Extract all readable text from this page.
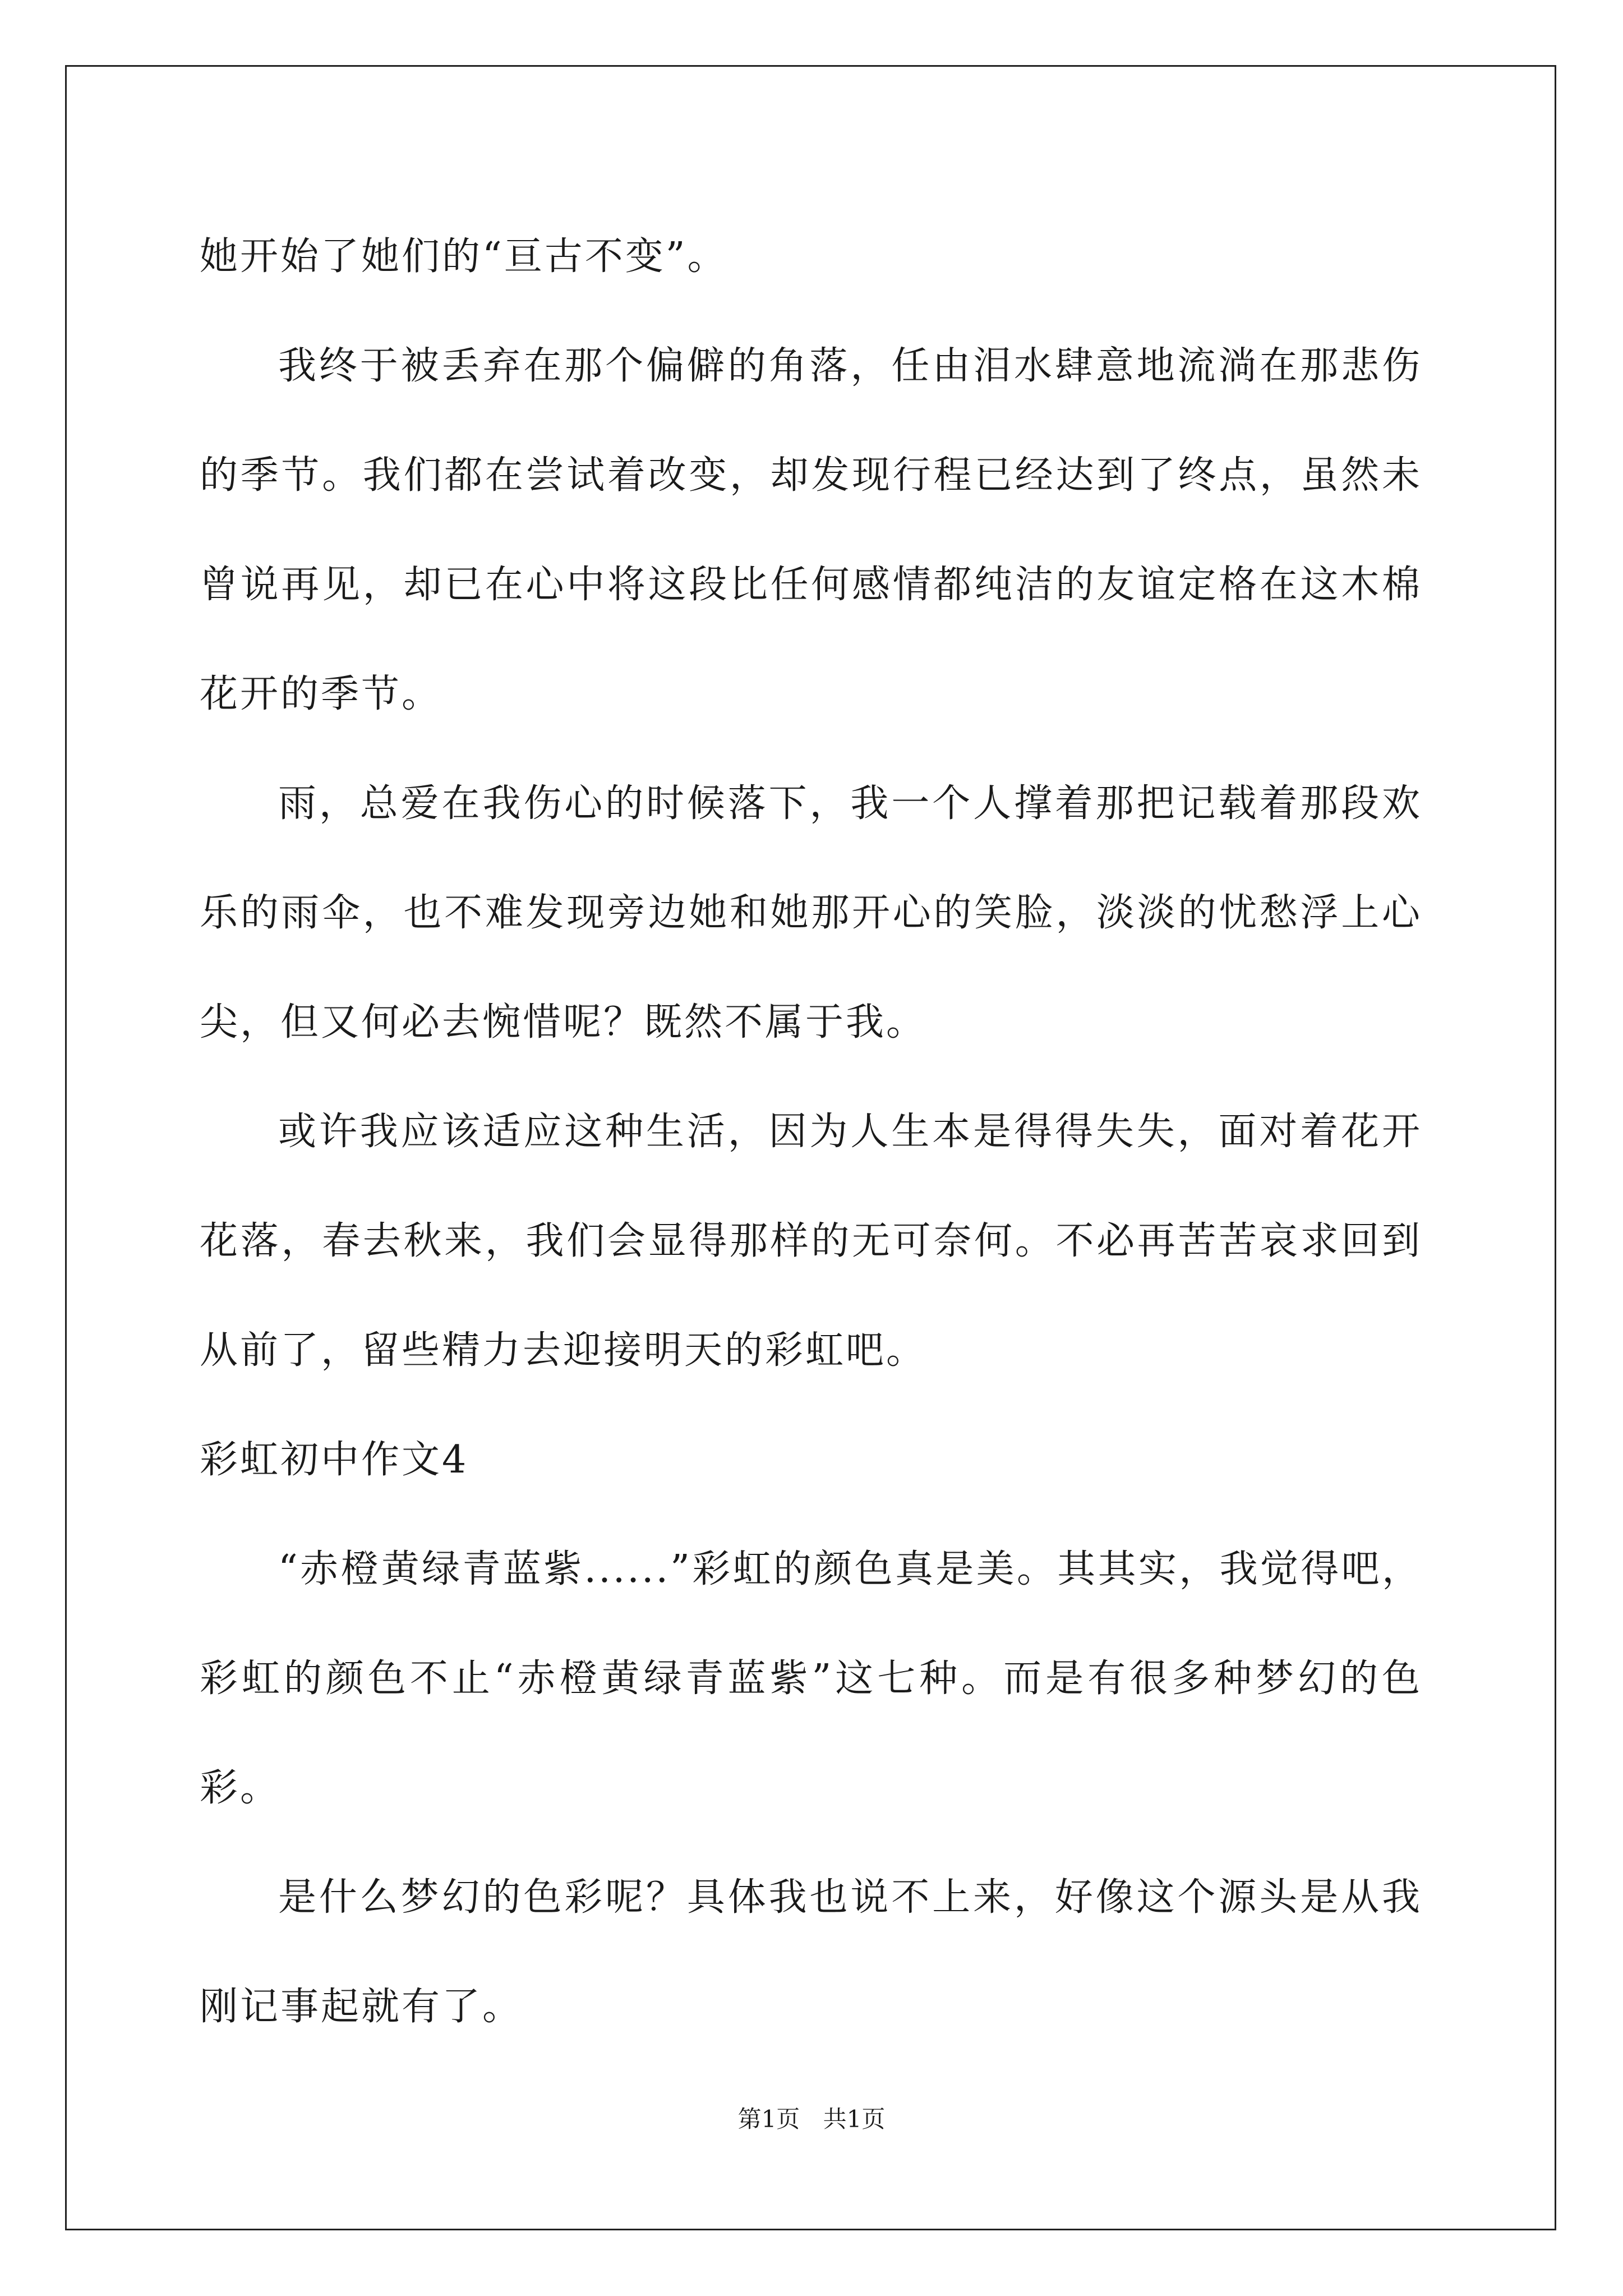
她开始了她们的“亘古不变”。

我终于被丢弃在那个偏僻的角落，任由泪水肆意地流淌在那悲伤的季节。我们都在尝试着改变，却发现行程已经达到了终点，虽然未曾说再见，却已在心中将这段比任何感情都纯洁的友谊定格在这木棉花开的季节。

雨，总爱在我伤心的时候落下，我一个人撑着那把记载着那段欢乐的雨伞，也不难发现旁边她和她那开心的笑脸，淡淡的忧愁浮上心尖，但又何必去惋惜呢？既然不属于我。

或许我应该适应这种生活，因为人生本是得得失失，面对着花开花落，春去秋来，我们会显得那样的无可奈何。不必再苦苦哀求回到从前了，留些精力去迎接明天的彩虹吧。

彩虹初中作文4

“赤橙黄绿青蓝紫......”彩虹的颜色真是美。其其实，我觉得吧，彩虹的颜色不止“赤橙黄绿青蓝紫”这七种。而是有很多种梦幻的色彩。

是什么梦幻的色彩呢？具体我也说不上来，好像这个源头是从我刚记事起就有了。

第1页 共1页
